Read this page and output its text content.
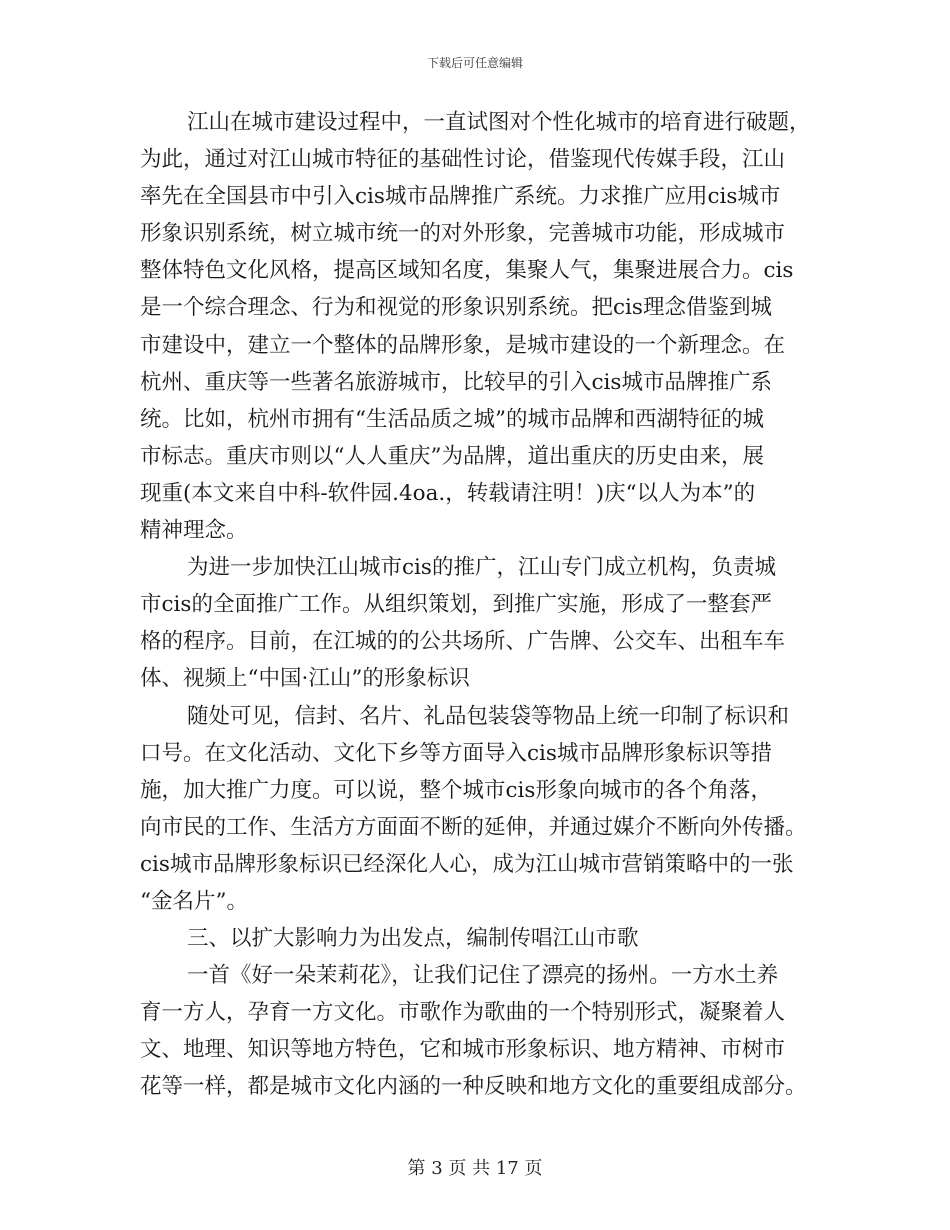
下载后可任意编辑
江山在城市建设过程中，一直试图对个性化城市的培育进行破题，
为此，通过对江山城市特征的基础性讨论，借鉴现代传媒手段，江山
率先在全国县市中引入cis城市品牌推广系统。力求推广应用cis城市
形象识别系统，树立城市统一的对外形象，完善城市功能，形成城市
整体特色文化风格，提高区域知名度，集聚人气，集聚进展合力。cis
是一个综合理念、行为和视觉的形象识别系统。把cis理念借鉴到城
市建设中，建立一个整体的品牌形象，是城市建设的一个新理念。在
杭州、重庆等一些著名旅游城市，比较早的引入cis城市品牌推广系
统。比如，杭州市拥有“生活品质之城”的城市品牌和西湖特征的城
市标志。重庆市则以“人人重庆”为品牌，道出重庆的历史由来，展
现重(本文来自中科-软件园.4oa.，转载请注明！)庆“以人为本”的
精神理念。
为进一步加快江山城市cis的推广，江山专门成立机构，负责城
市cis的全面推广工作。从组织策划，到推广实施，形成了一整套严
格的程序。目前，在江城的的公共场所、广告牌、公交车、出租车车
体、视频上“中国·江山”的形象标识
随处可见，信封、名片、礼品包装袋等物品上统一印制了标识和
口号。在文化活动、文化下乡等方面导入cis城市品牌形象标识等措
施，加大推广力度。可以说，整个城市cis形象向城市的各个角落，
向市民的工作、生活方方面面不断的延伸，并通过媒介不断向外传播。
cis城市品牌形象标识已经深化人心，成为江山城市营销策略中的一张
“金名片”。
三、以扩大影响力为出发点，编制传唱江山市歌
一首《好一朵茉莉花》，让我们记住了漂亮的扬州。一方水土养
育一方人，孕育一方文化。市歌作为歌曲的一个特别形式，凝聚着人
文、地理、知识等地方特色，它和城市形象标识、地方精神、市树市
花等一样，都是城市文化内涵的一种反映和地方文化的重要组成部分。
第 3 页 共 17 页
